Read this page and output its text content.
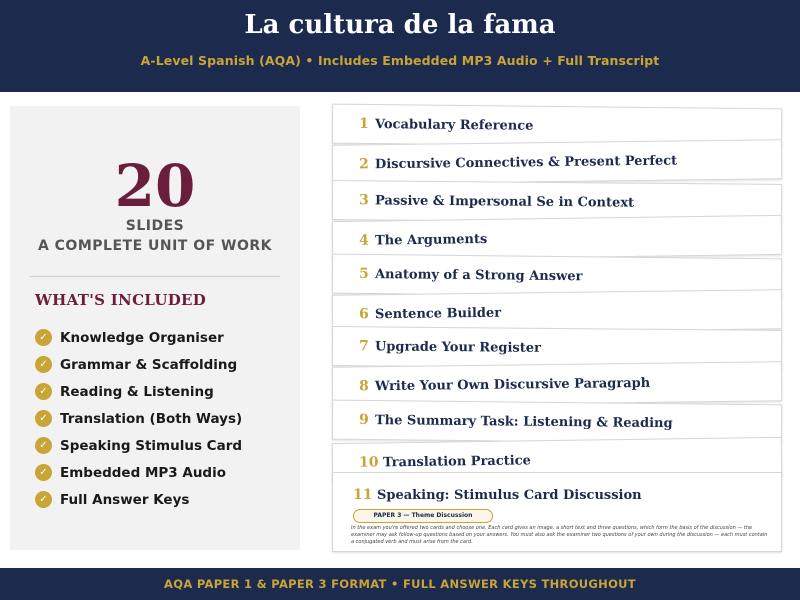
La cultura de la fama
A-Level Spanish (AQA) • Includes Embedded MP3 Audio + Full Transcript
20
SLIDES
A COMPLETE UNIT OF WORK
WHAT'S INCLUDED
✓ Knowledge Organiser
✓ Grammar & Scaffolding
✓ Reading & Listening
✓ Translation (Both Ways)
✓ Speaking Stimulus Card
✓ Embedded MP3 Audio
✓ Full Answer Keys
1 Vocabulary Reference
2 Discursive Connectives & Present Perfect
3 Passive & Impersonal Se in Context
4 The Arguments
5 Anatomy of a Strong Answer
6 Sentence Builder
7 Upgrade Your Register
8 Write Your Own Discursive Paragraph
9 The Summary Task: Listening & Reading
10 Translation Practice
11 Speaking: Stimulus Card Discussion
PAPER 3 — Theme Discussion
In the exam you're offered two cards and choose one. Each card gives an image, a short text and three questions, which form the basis of the discussion — the examiner may ask follow-up questions based on your answers. You must also ask the examiner two questions of your own during the discussion — each must contain a conjugated verb and must arise from the card.
AQA PAPER 1 & PAPER 3 FORMAT • FULL ANSWER KEYS THROUGHOUT
